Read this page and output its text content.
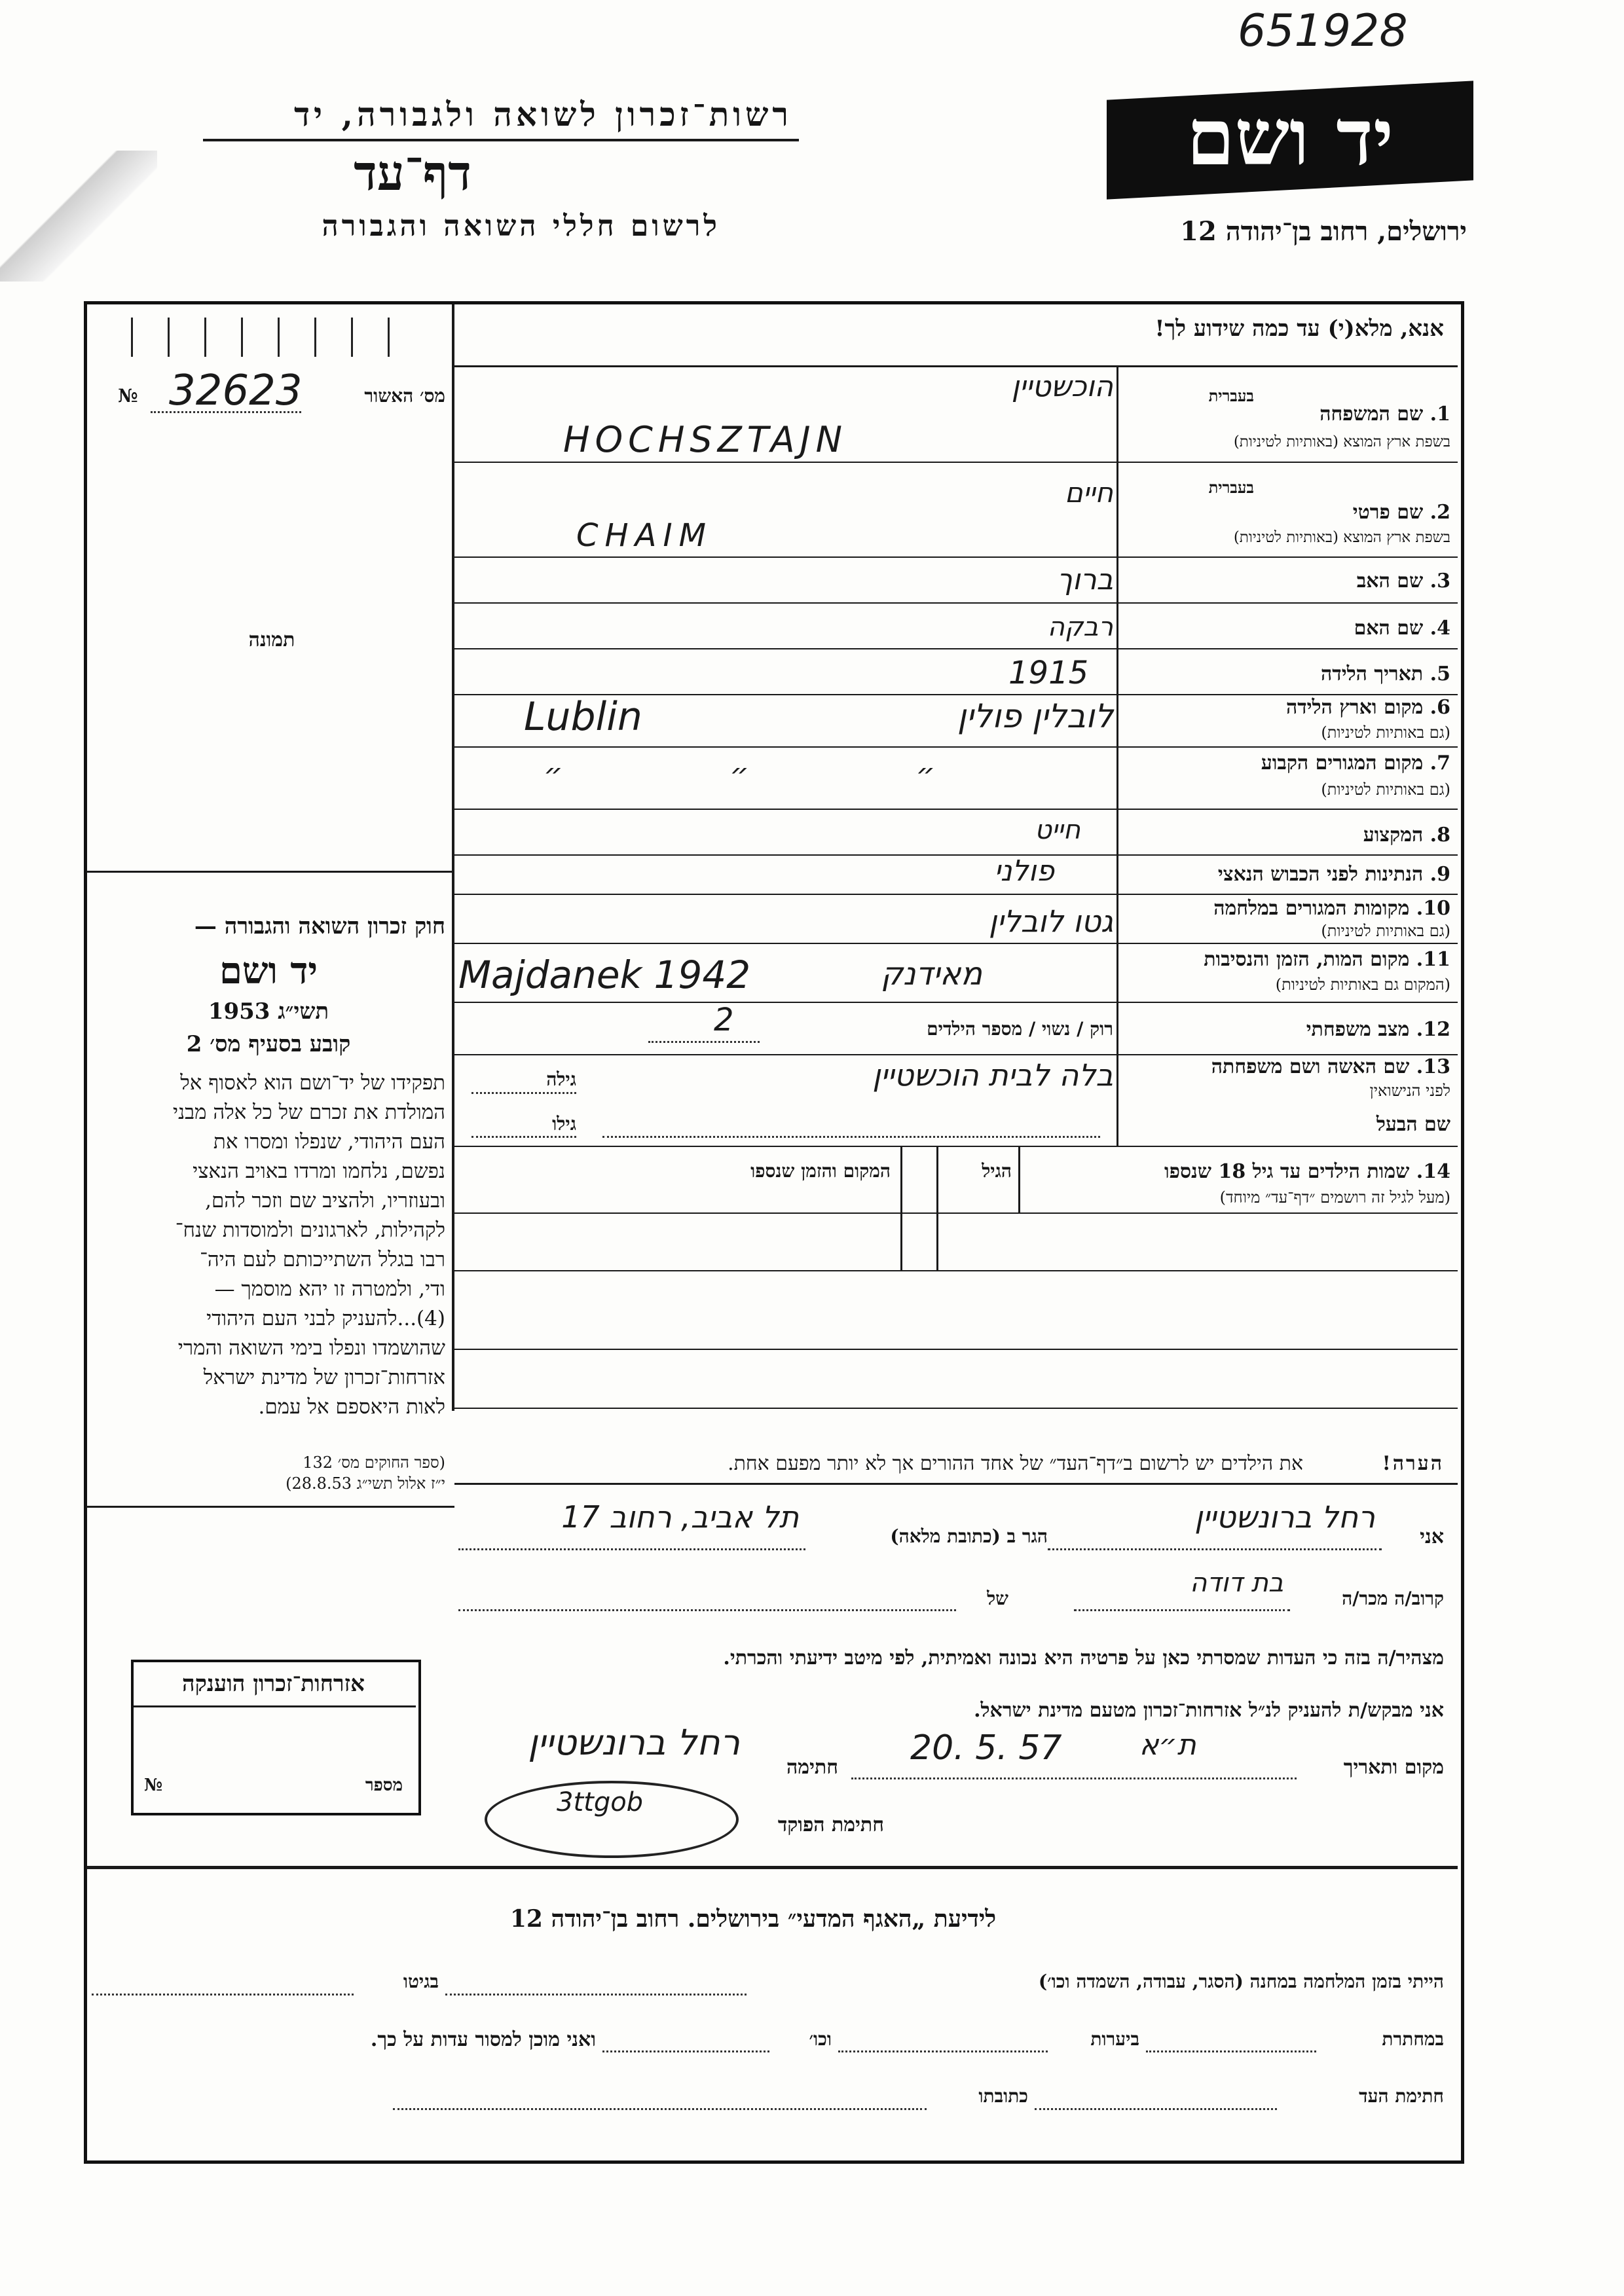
651928
רשות־זכרון לשואה ולגבורה, יד
דף־עד
לרשום חללי השואה והגבורה
יד ושם
ירושלים, רחוב בן־יהודה 12
אנא, מלא(י) עד כמה שידוע לך!
מס׳ האשור
№ 32623
תמונה
חוק זכרון השואה והגבורה —
יד ושם
תשי״ג 1953
קובע בסעיף מס׳ 2
תפקידו של יד־ושם הוא לאסוף אל
המולדת את זכרם של כל אלה מבני
העם היהודי, שנפלו ומסרו את
נפשם, נלחמו ומרדו באויב הנאצי
ובעוזריו, ולהציב שם וזכר להם,
לקהילות, לארגונים ולמוסדות שנח־
רבו בגלל השתייכותם לעם היה־
ודי, ולמטרה זו יהא מוסמך —
(4)...להעניק לבני העם היהודי
שהושמדו ונפלו בימי השואה והמרי
אזרחות־זכרון של מדינת ישראל
לאות היאספם אל עמם.
(ספר החוקים מס׳ 132
י״ז אלול תשי״ג 28.8.53)
בעברית
1. שם המשפחה
בשפת ארץ המוצא (באותיות לטיניות)
הוכשטיין
HOCHSZTAJN
בעברית
2. שם פרטי
בשפת ארץ המוצא (באותיות לטיניות)
חיים
CHAIM
3. שם האב
ברוך
4. שם האם
רבקה
5. תאריך הלידה
1915
6. מקום וארץ הלידה
(גם באותיות לטיניות)
לובלין פולין
Lublin
7. מקום המגורים הקבוע
(גם באותיות לטיניות)
״ ״ ״
8. המקצוע
חייט
9. הנתינות לפני הכבוש הנאצי
פולני
10. מקומות המגורים במלחמה
(גם באותיות לטיניות)
גטו לובלין
11. מקום המות, הזמן והנסיבות
(המקום גם באותיות לטיניות)
Majdanek 1942	מאידנק
12. מצב משפחתי
רוק / נשוי / מספר הילדים
2
13. שם האשה ושם משפחתה
לפני הנישואין
גילה	בלה לבית הוכשטיין
שם הבעל
גילו
14. שמות הילדים עד גיל 18 שנספו
(מעל לגיל זה רושמים ״דף־עד״ מיוחד)
הגיל
המקום והזמן שנספו
הערה!
את הילדים יש לרשום ב״דף־העד״ של אחד ההורים אך לא יותר מפעם אחת.
אני
רחל ברונשטיין
הגר ב (כתובת מלאה)
תל אביב, רחוב 17
קרוב/ה מכר/ה
בת דודה
של
מצהיר/ה בזה כי העדות שמסרתי כאן על פרטיה היא נכונה ואמיתית, לפי מיטב ידיעתי והכרתי.
אני מבקש/ת להעניק לנ״ל אזרחות־זכרון מטעם מדינת ישראל.
מקום ותאריך
20. 5. 57	ת״א
חתימה
רחל ברונשטיין
3ttgob
חתימת הפוקד
אזרחות־זכרון הוענקה
מספר
№
לידיעת „האגף המדעי״ בירושלים. רחוב בן־יהודה 12
הייתי בזמן המלחמה במחנה (הסגר, עבודה, השמדה וכו׳)
בגיטו
במחתרת
ביערות
וכו׳
ואני מוכן למסור עדות על כך.
חתימת העד
כתובתו
